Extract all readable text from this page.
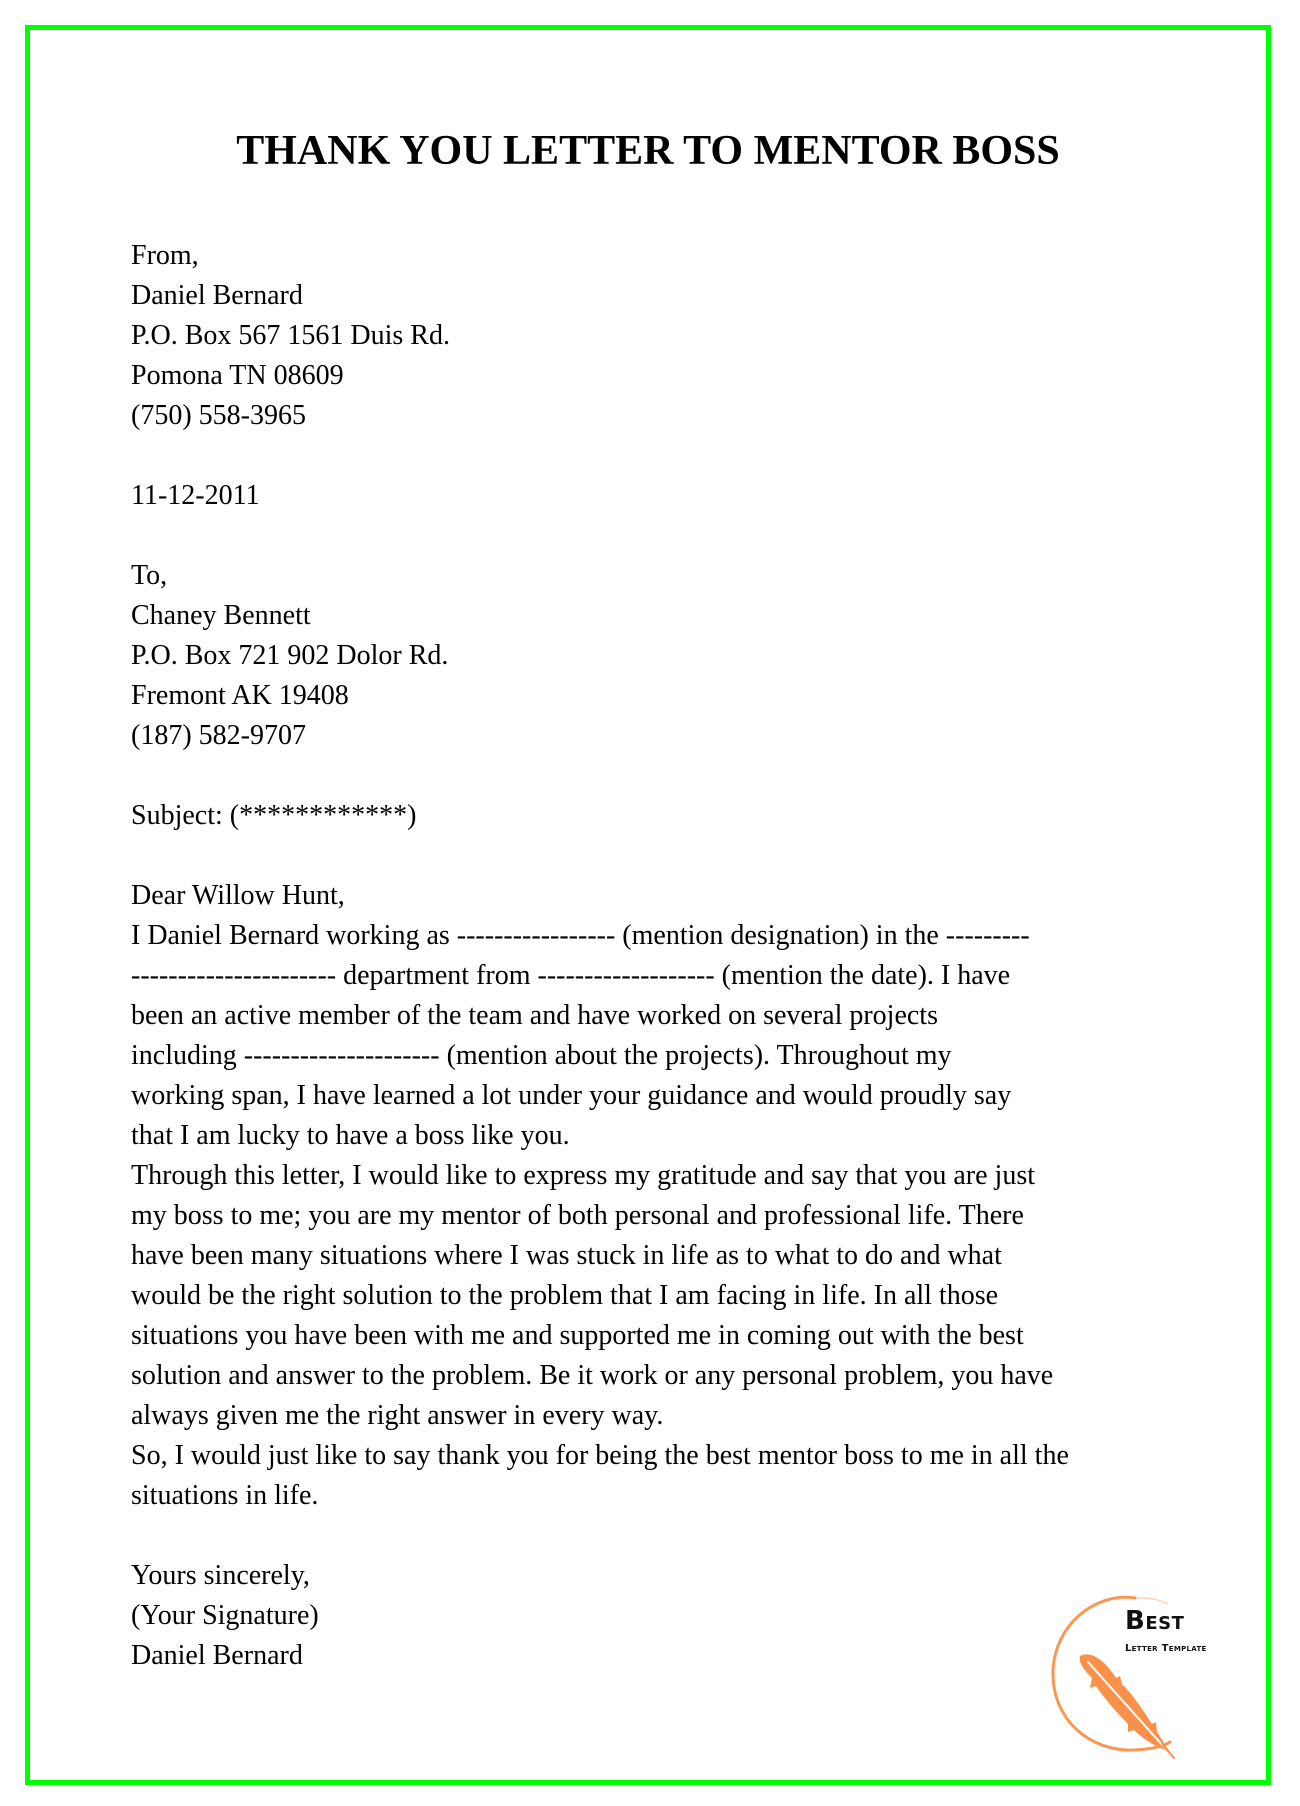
THANK YOU LETTER TO MENTOR BOSS
From,
Daniel Bernard
P.O. Box 567 1561 Duis Rd.
Pomona TN 08609
(750) 558-3965
11-12-2011
To,
Chaney Bennett
P.O. Box 721 902 Dolor Rd.
Fremont AK 19408
(187) 582-9707
Subject: (************)
Dear Willow Hunt,
I Daniel Bernard working as ----------------- (mention designation) in the ---------
---------------------- department from ------------------- (mention the date). I have
been an active member of the team and have worked on several projects
including --------------------- (mention about the projects). Throughout my
working span, I have learned a lot under your guidance and would proudly say
that I am lucky to have a boss like you.
Through this letter, I would like to express my gratitude and say that you are just
my boss to me; you are my mentor of both personal and professional life. There
have been many situations where I was stuck in life as to what to do and what
would be the right solution to the problem that I am facing in life. In all those
situations you have been with me and supported me in coming out with the best
solution and answer to the problem. Be it work or any personal problem, you have
always given me the right answer in every way.
So, I would just like to say thank you for being the best mentor boss to me in all the
situations in life.
Yours sincerely,
(Your Signature)
Daniel Bernard
Best
Letter Template
